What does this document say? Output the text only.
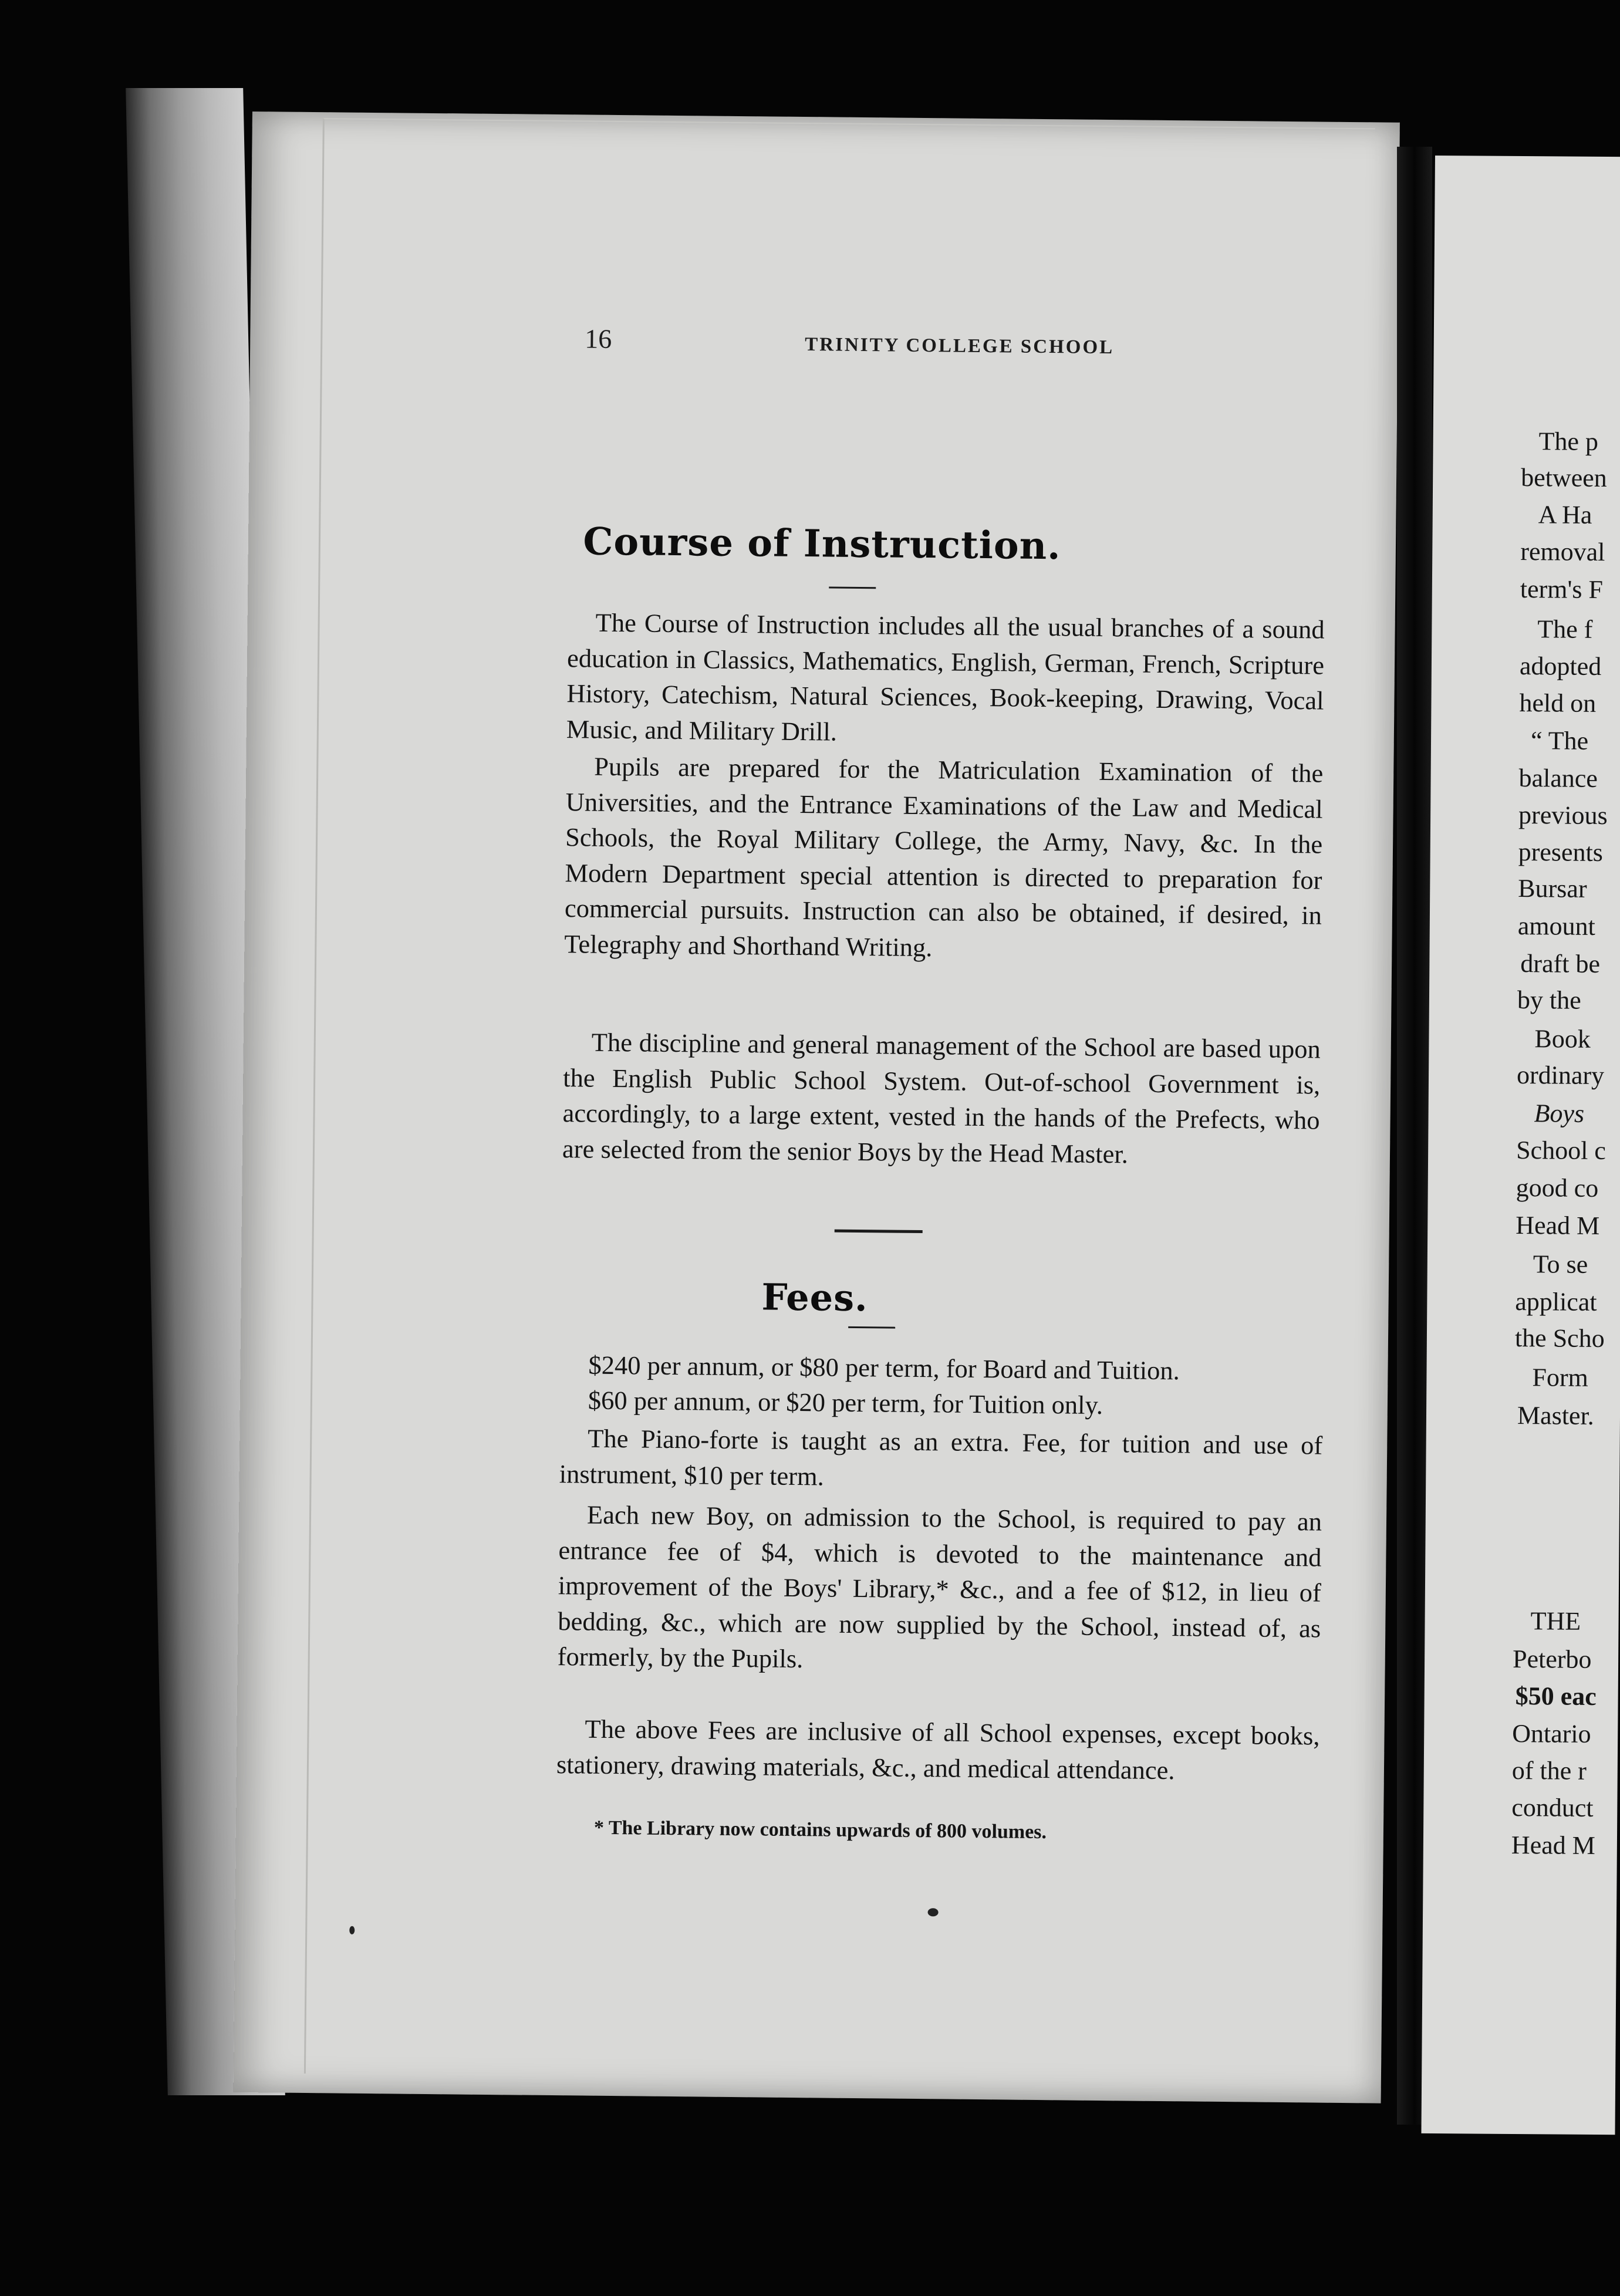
16	TRINITY COLLEGE SCHOOL
Course of Instruction.

The Course of Instruction includes all the usual branches of a sound education in Classics, Mathematics, English, German, French, Scripture History, Catechism, Natural Sciences, Book-keeping, Drawing, Vocal Music, and Military Drill.

Pupils are prepared for the Matriculation Examination of the Universities, and the Entrance Examinations of the Law and Medical Schools, the Royal Military College, the Army, Navy, &c. In the Modern Department special attention is directed to preparation for commercial pursuits. Instruction can also be obtained, if desired, in Telegraphy and Shorthand Writing.

The discipline and general management of the School are based upon the English Public School System. Out-of-school Government is, accordingly, to a large extent, vested in the hands of the Prefects, who are selected from the senior Boys by the Head Master.

Fees.

$240 per annum, or $80 per term, for Board and Tuition.

$60 per annum, or $20 per term, for Tuition only.

The Piano-forte is taught as an extra. Fee, for tuition and use of instrument, $10 per term.

Each new Boy, on admission to the School, is required to pay an entrance fee of $4, which is devoted to the maintenance and improvement of the Boys' Library,* &c., and a fee of $12, in lieu of bedding, &c., which are now supplied by the School, instead of, as formerly, by the Pupils.

The above Fees are inclusive of all School expenses, except books, stationery, drawing materials, &c., and medical attendance.

* The Library now contains upwards of 800 volumes.
The p
between
A Ha
removal
term's F
The f
adopted
held on
“ The
balance
previous
presents
Bursar
amount
draft be
by the
Book
ordinary
Boys
School c
good co
Head M
To se
applicat
the Scho
Form
Master.
THE
Peterbo
$50 eac
Ontario
of the r
conduct
Head M
